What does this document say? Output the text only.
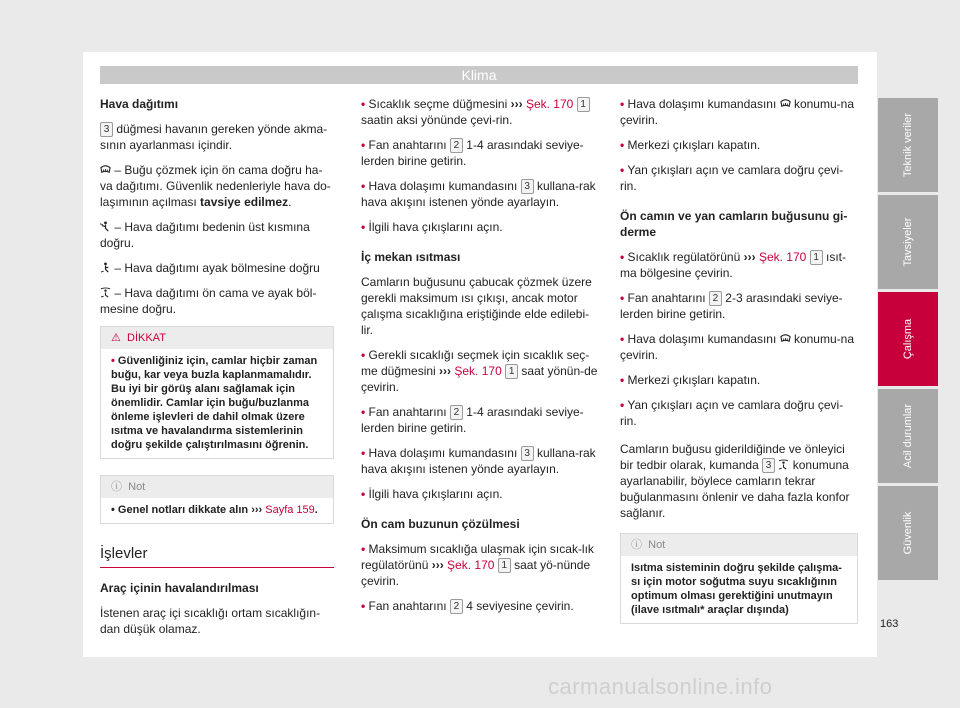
Klima

Hava dağıtımı

3 düğmesi havanın gereken yönde akma-sının ayarlanması içindir.

– Buğu çözmek için ön cama doğru ha-va dağıtımı. Güvenlik nedenleriyle hava do-laşımının açılması tavsiye edilmez.

– Hava dağıtımı bedenin üst kısmına doğru.

– Hava dağıtımı ayak bölmesine doğru

– Hava dağıtımı ön cama ve ayak böl-mesine doğru.

⚠ DİKKAT
• Güvenliğiniz için, camlar hiçbir zaman buğu, kar veya buzla kaplanmamalıdır. Bu iyi bir görüş alanı sağlamak için önemlidir. Camlar için buğu/buzlanma önleme işlevleri de dahil olmak üzere ısıtma ve havalandırma sistemlerinin doğru şekilde çalıştırılmasını öğrenin.
ⓘ Not
• Genel notları dikkate alın ››› Sayfa 159.
İşlevler

Araç içinin havalandırılması

İstenen araç içi sıcaklığı ortam sıcaklığın-dan düşük olamaz.

• Sıcaklık seçme düğmesini ››› Şek. 170 1 saatin aksi yönünde çevi-rin.

• Fan anahtarını 2 1-4 arasındaki seviye-lerden birine getirin.

• Hava dolaşımı kumandasını 3 kullana-rak hava akışını istenen yönde ayarlayın.

• İlgili hava çıkışlarını açın.

İç mekan ısıtması

Camların buğusunu çabucak çözmek üzere gerekli maksimum ısı çıkışı, ancak motor çalışma sıcaklığına eriştiğinde elde edilebi-lir.

• Gerekli sıcaklığı seçmek için sıcaklık seç-me düğmesini ››› Şek. 170 1 saat yönün-de çevirin.

• Fan anahtarını 2 1-4 arasındaki seviye-lerden birine getirin.

• Hava dolaşımı kumandasını 3 kullana-rak hava akışını istenen yönde ayarlayın.

• İlgili hava çıkışlarını açın.

Ön cam buzunun çözülmesi

• Maksimum sıcaklığa ulaşmak için sıcak-lık regülatörünü ››› Şek. 170 1 saat yö-nünde çevirin.

• Fan anahtarını 2 4 seviyesine çevirin.

• Hava dolaşımı kumandasını  konumu-na çevirin.

• Merkezi çıkışları kapatın.

• Yan çıkışları açın ve camlara doğru çevi-rin.

Ön camın ve yan camların buğusunu gi-derme

• Sıcaklık regülatörünü ››› Şek. 170 1 ısıt-ma bölgesine çevirin.

• Fan anahtarını 2 2-3 arasındaki seviye-lerden birine getirin.

• Hava dolaşımı kumandasını  konumu-na çevirin.

• Merkezi çıkışları kapatın.

• Yan çıkışları açın ve camlara doğru çevi-rin.

Camların buğusu giderildiğinde ve önleyici bir tedbir olarak, kumanda 3  konumuna ayarlanabilir, böylece camların tekrar buğulanmasını önlenir ve daha fazla konfor sağlanır.

ⓘ Not
Isıtma sisteminin doğru şekilde çalışma-sı için motor soğutma suyu sıcaklığının optimum olması gerektiğini unutmayın (ilave ısıtmalı* araçlar dışında)
Teknik veriler
Tavsiyeler
Çalışma
Acil durumlar
Güvenlik
163
carmanualsonline.info
